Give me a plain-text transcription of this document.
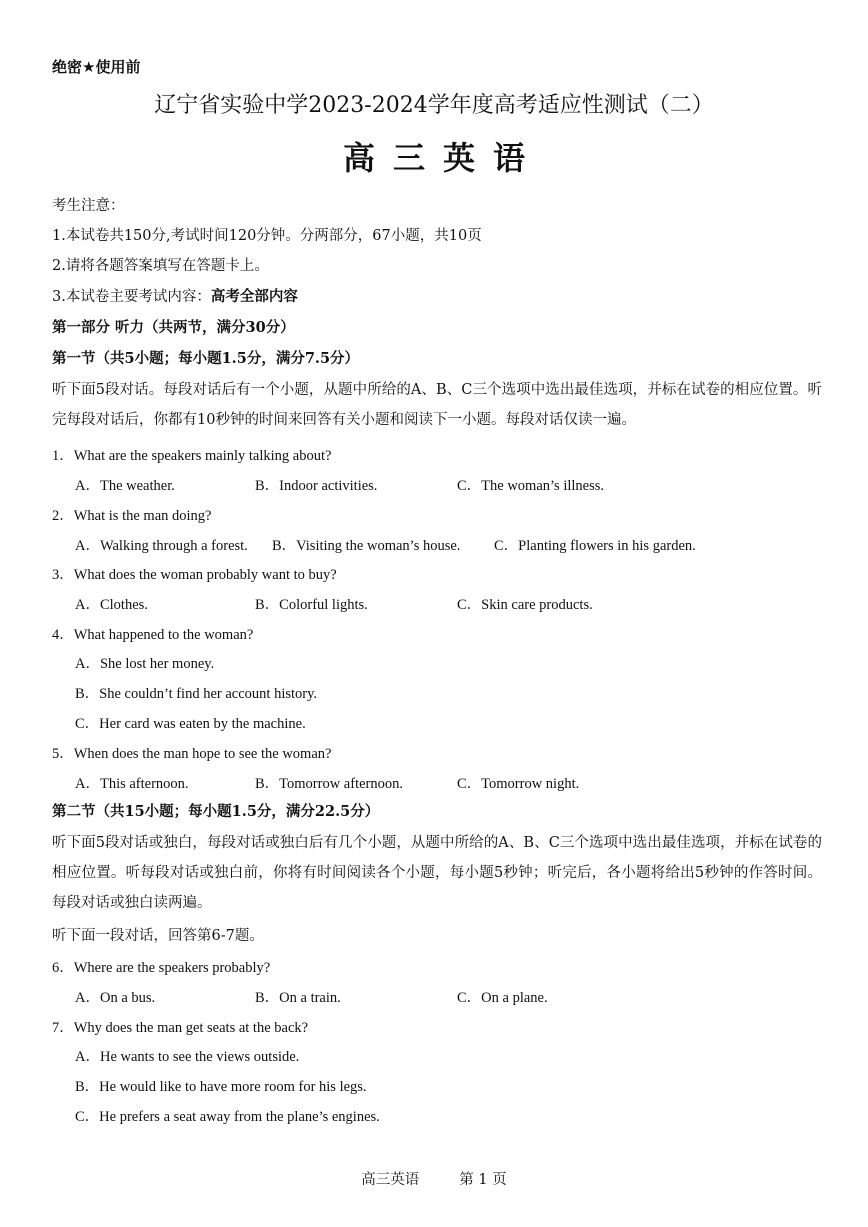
绝密★使用前
辽宁省实验中学2023-2024学年度高考适应性测试（二）
高三英语
考生注意：
1.本试卷共150分,考试时间120分钟。分两部分，67小题，共10页
2.请将各题答案填写在答题卡上。
3.本试卷主要考试内容：高考全部内容
第一部分 听力（共两节，满分30分）
第一节（共5小题；每小题1.5分，满分7.5分）
听下面5段对话。每段对话后有一个小题，从题中所给的A、B、C三个选项中选出最佳选项，并标在试卷的相应位置。听完每段对话后，你都有10秒钟的时间来回答有关小题和阅读下一小题。每段对话仅读一遍。
1．What are the speakers mainly talking about?
A．The weather.	B．Indoor activities.	C．The woman’s illness.
2．What is the man doing?
A．Walking through a forest. B．Visiting the woman’s house. C．Planting flowers in his garden.
3．What does the woman probably want to buy?
A．Clothes.	B．Colorful lights.	C．Skin care products.
4．What happened to the woman?
A．She lost her money.
B．She couldn’t find her account history.
C．Her card was eaten by the machine.
5．When does the man hope to see the woman?
A．This afternoon.	B．Tomorrow afternoon.	C．Tomorrow night.
第二节（共15小题；每小题1.5分，满分22.5分）
听下面5段对话或独白，每段对话或独白后有几个小题，从题中所给的A、B、C三个选项中选出最佳选项，并标在试卷的相应位置。听每段对话或独白前，你将有时间阅读各个小题，每小题5秒钟；听完后，各小题将给出5秒钟的作答时间。每段对话或独白读两遍。
听下面一段对话，回答第6-7题。
6．Where are the speakers probably?
A．On a bus.	B．On a train.	C．On a plane.
7．Why does the man get seats at the back?
A．He wants to see the views outside.
B．He would like to have more room for his legs.
C．He prefers a seat away from the plane’s engines.
高三英语	第 1 页
